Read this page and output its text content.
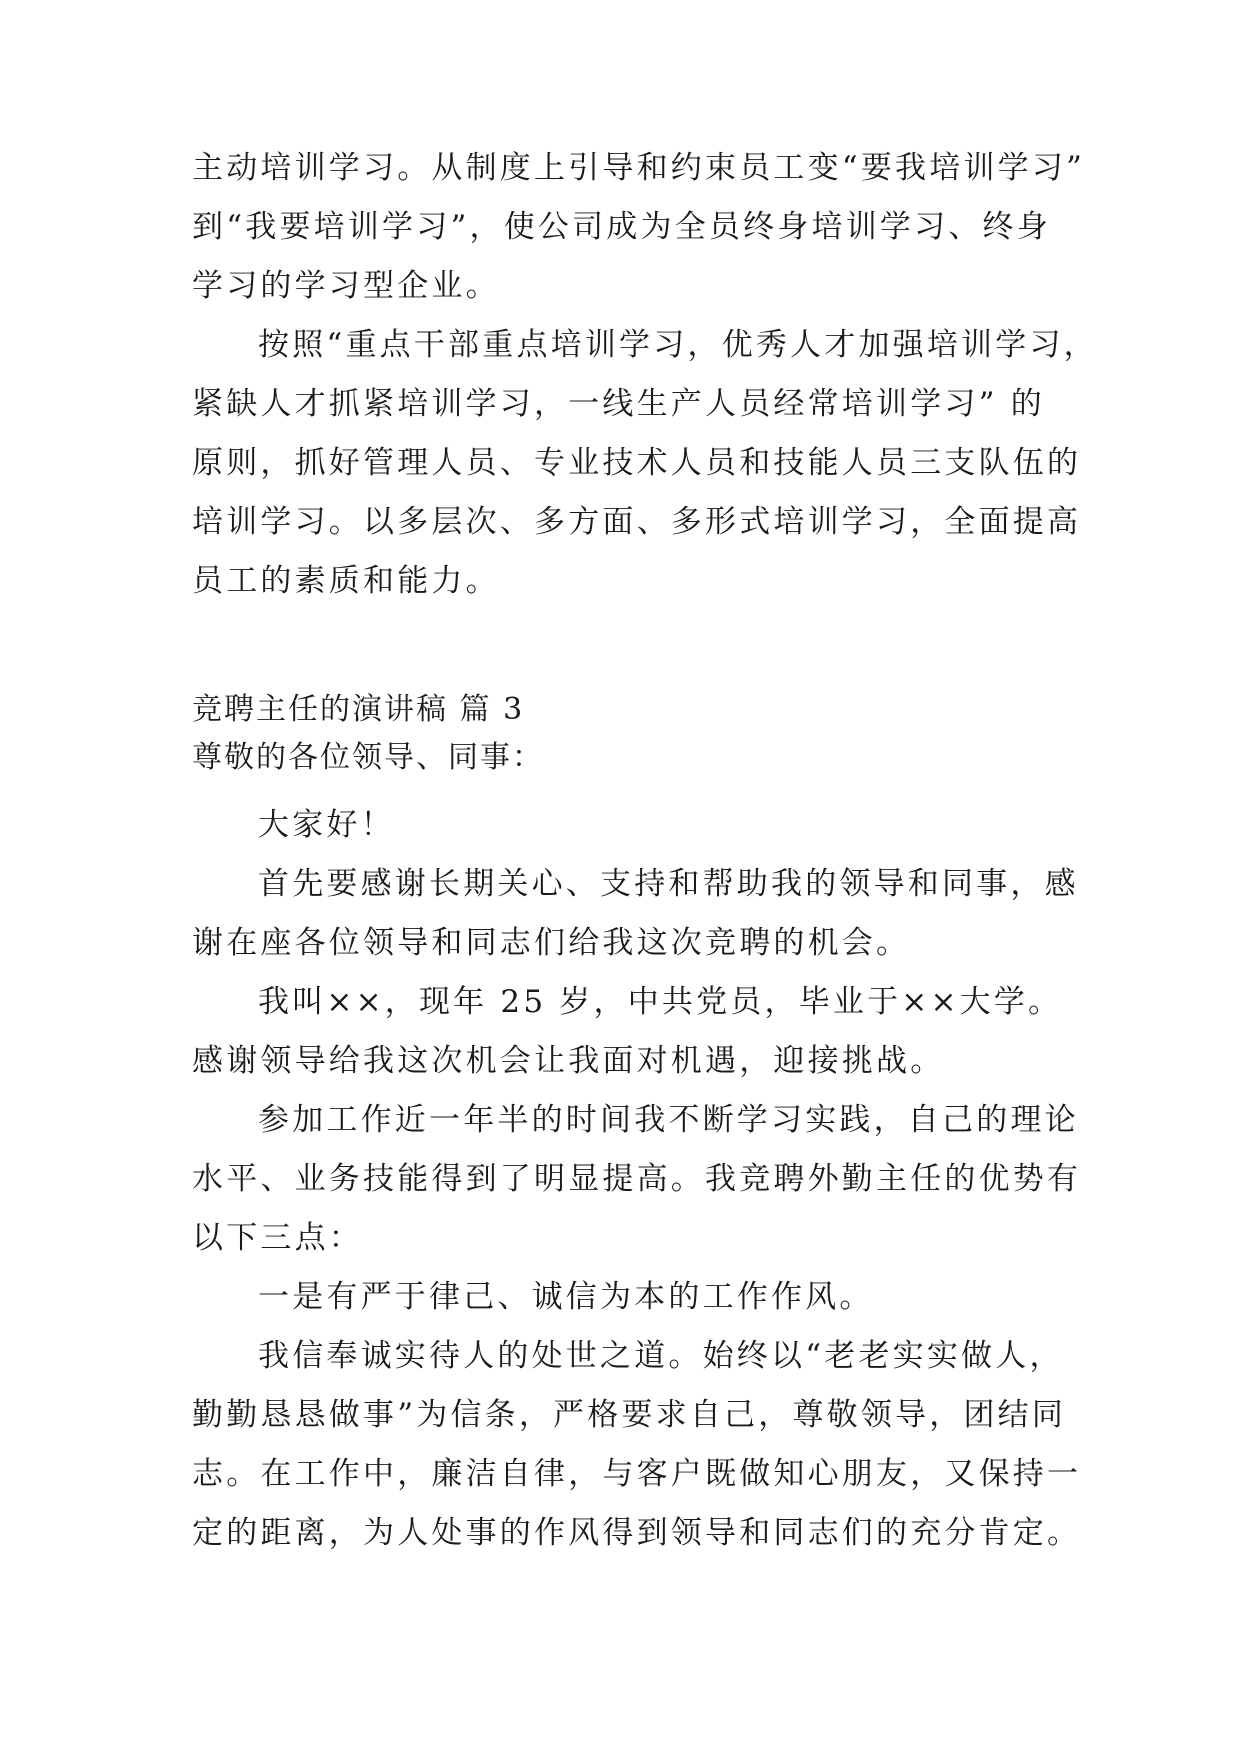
主动培训学习。从制度上引导和约束员工变“要我培训学习”
到“我要培训学习”，使公司成为全员终身培训学习、终身
学习的学习型企业。
按照“重点干部重点培训学习，优秀人才加强培训学习，
紧缺人才抓紧培训学习，一线生产人员经常培训学习” 的
原则，抓好管理人员、专业技术人员和技能人员三支队伍的
培训学习。以多层次、多方面、多形式培训学习，全面提高
员工的素质和能力。
竞聘主任的演讲稿 篇 3
尊敬的各位领导、同事：
大家好！
首先要感谢长期关心、支持和帮助我的领导和同事，感
谢在座各位领导和同志们给我这次竞聘的机会。
我叫××，现年 25 岁，中共党员，毕业于××大学。
感谢领导给我这次机会让我面对机遇，迎接挑战。
参加工作近一年半的时间我不断学习实践，自己的理论
水平、业务技能得到了明显提高。我竞聘外勤主任的优势有
以下三点：
一是有严于律己、诚信为本的工作作风。
我信奉诚实待人的处世之道。始终以“老老实实做人，
勤勤恳恳做事”为信条，严格要求自己，尊敬领导，团结同
志。在工作中，廉洁自律，与客户既做知心朋友，又保持一
定的距离，为人处事的作风得到领导和同志们的充分肯定。
